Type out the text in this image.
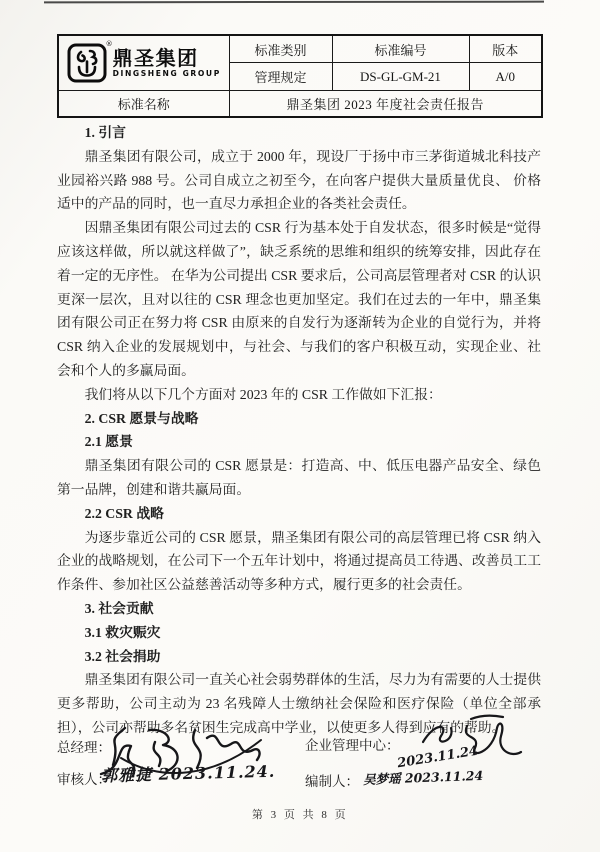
®
鼎圣集团
DINGSHENG GROUP	标准类别	标准编号	版本
	管理规定	DS-GL-GM-21	A/0
标准名称	鼎圣集团 2023 年度社会责任报告		

1. 引言

鼎圣集团有限公司，成立于 2000 年，现设厂于扬中市三茅街道城北科技产业园裕兴路 988 号。公司自成立之初至今，在向客户提供大量质量优良、 价格适中的产品的同时，也一直尽力承担企业的各类社会责任。

因鼎圣集团有限公司过去的 CSR 行为基本处于自发状态，很多时候是“觉得应该这样做，所以就这样做了”，缺乏系统的思维和组织的统筹安排，因此存在着一定的无序性。 在华为公司提出 CSR 要求后，公司高层管理者对 CSR 的认识更深一层次，且对以往的 CSR 理念也更加坚定。我们在过去的一年中，鼎圣集团有限公司正在努力将 CSR 由原来的自发行为逐渐转为企业的自觉行为，并将 CSR 纳入企业的发展规划中，与社会、与我们的客户积极互动，实现企业、社会和个人的多赢局面。

我们将从以下几个方面对 2023 年的 CSR 工作做如下汇报：

2. CSR 愿景与战略

2.1 愿景

鼎圣集团有限公司的 CSR 愿景是：打造高、中、低压电器产品安全、绿色第一品牌，创建和谐共赢局面。

2.2 CSR 战略

为逐步靠近公司的 CSR 愿景，鼎圣集团有限公司的高层管理已将 CSR 纳入企业的战略规划，在公司下一个五年计划中，将通过提高员工待遇、改善员工工作条件、参加社区公益慈善活动等多种方式，履行更多的社会责任。

3. 社会贡献

3.1 救灾赈灾

3.2 社会捐助

鼎圣集团有限公司一直关心社会弱势群体的生活，尽力为有需要的人士提供更多帮助，公司主动为 23 名残障人士缴纳社会保险和医疗保险（单位全部承担），公司亦帮助多名贫困生完成高中学业，以使更多人得到应有的帮助。

总经理：	企业管理中心：
2023.11.24
审核人：
郭雅捷 2023.11.24. 编制人： 吴梦瑶 2023.11.24
第 3 页 共 8 页
